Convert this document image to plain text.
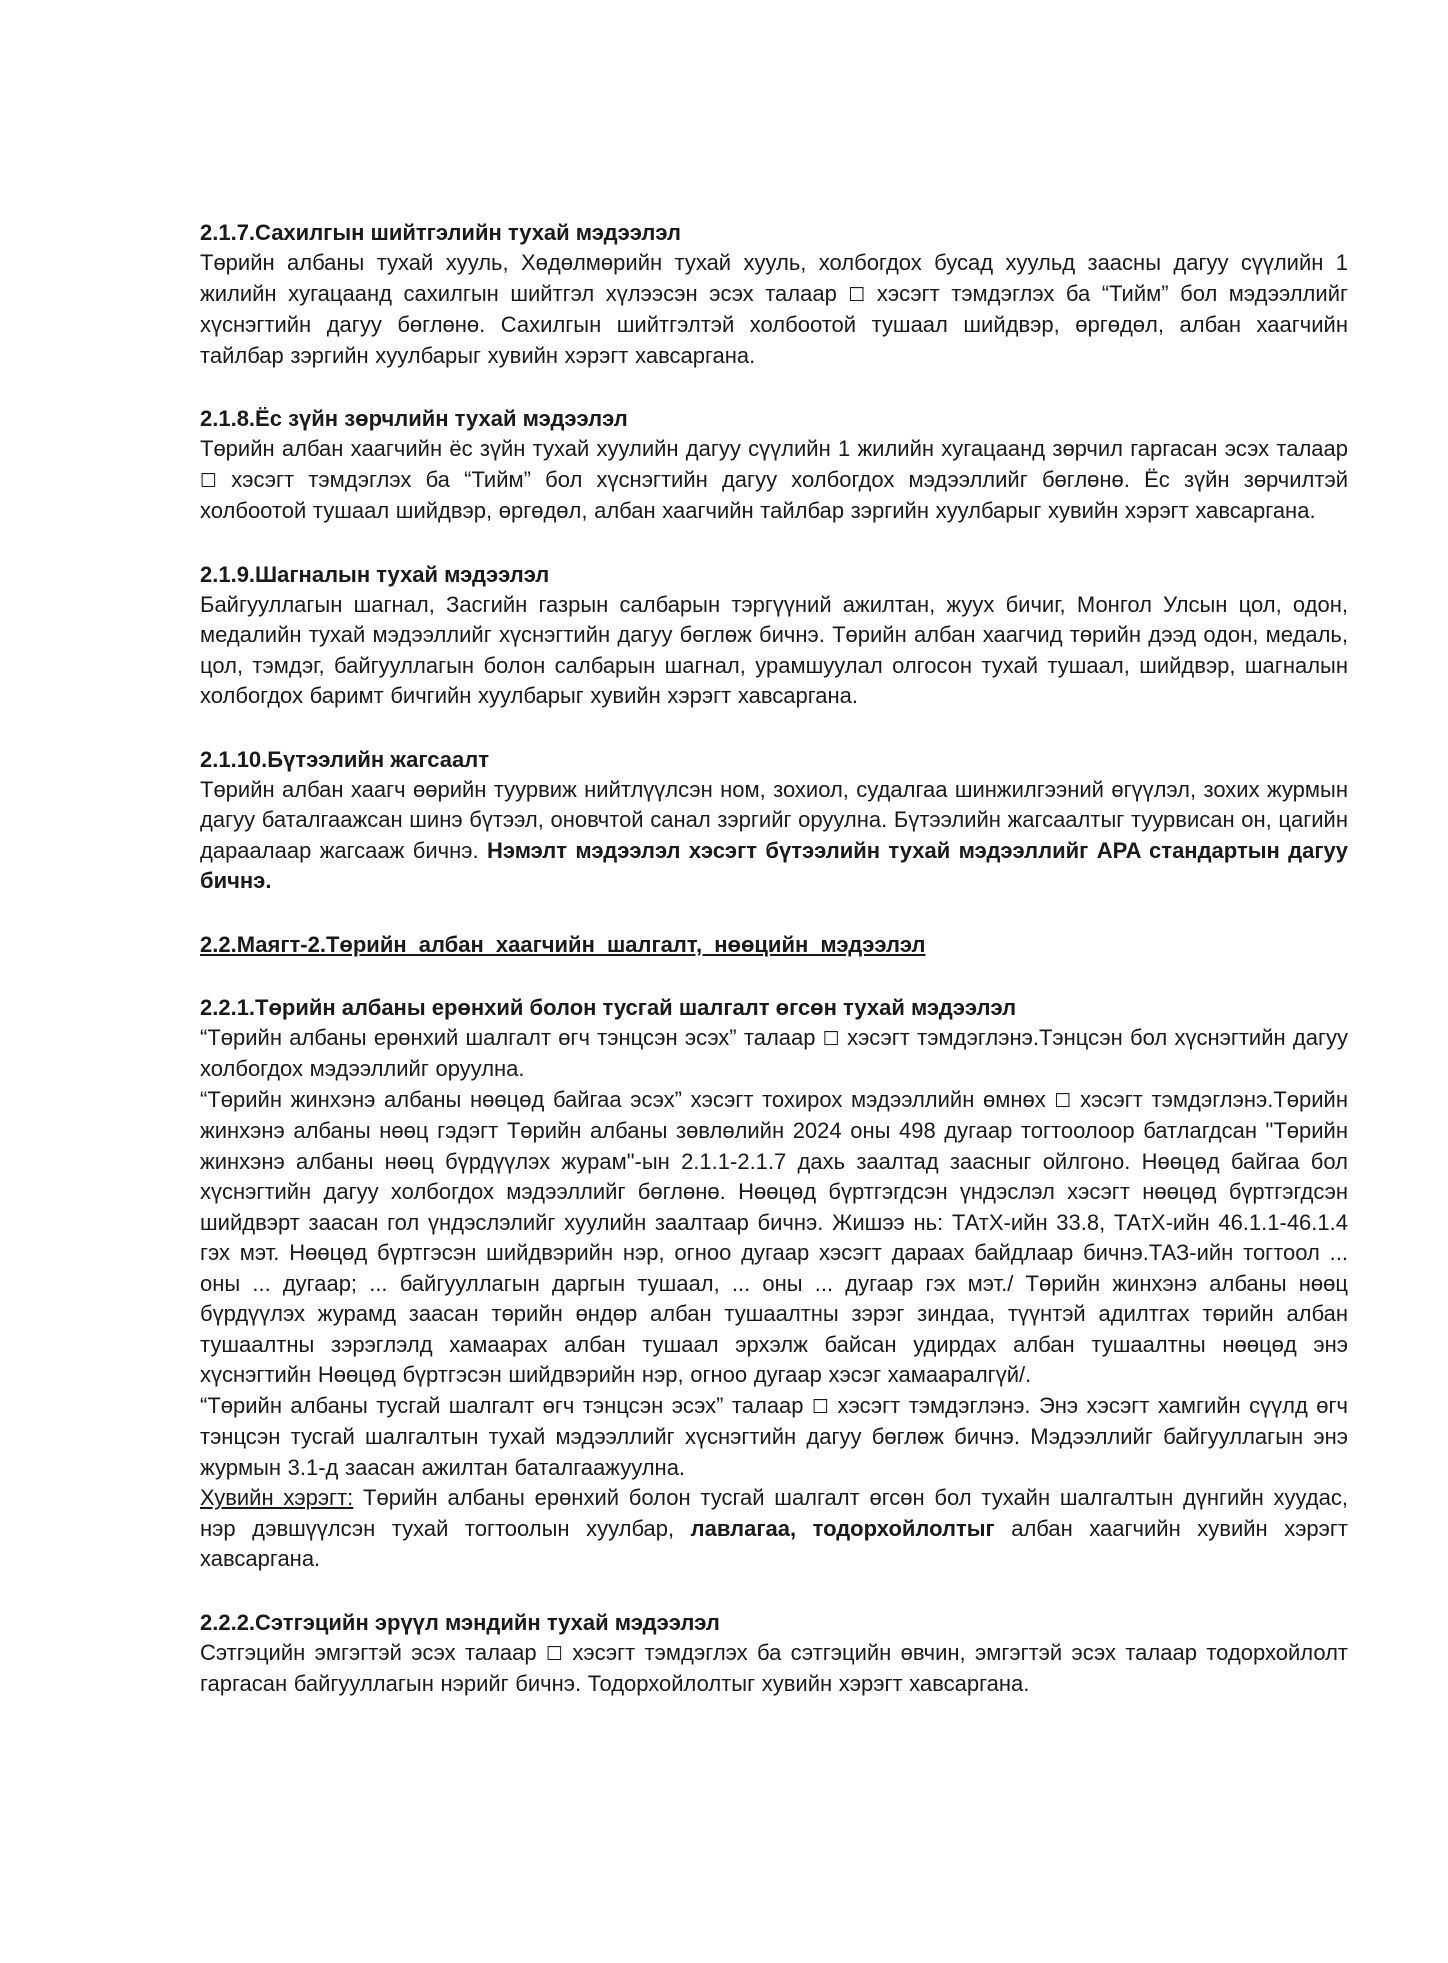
2.1.7.Сахилгын шийтгэлийн тухай мэдээлэл

Төрийн албаны тухай хууль, Хөдөлмөрийн тухай хууль, холбогдох бусад хуульд заасны дагуу сүүлийн 1 жилийн хугацаанд сахилгын шийтгэл хүлээсэн эсэх талаар ☐ хэсэгт тэмдэглэх ба “Тийм” бол мэдээллийг хүснэгтийн дагуу бөглөнө. Сахилгын шийтгэлтэй холбоотой тушаал шийдвэр, өргөдөл, албан хаагчийн тайлбар зэргийн хуулбарыг хувийн хэрэгт хавсаргана.

2.1.8.Ёс зүйн зөрчлийн тухай мэдээлэл

Төрийн албан хаагчийн ёс зүйн тухай хуулийн дагуу сүүлийн 1 жилийн хугацаанд зөрчил гаргасан эсэх талаар ☐ хэсэгт тэмдэглэх ба “Тийм” бол хүснэгтийн дагуу холбогдох мэдээллийг бөглөнө. Ёс зүйн зөрчилтэй холбоотой тушаал шийдвэр, өргөдөл, албан хаагчийн тайлбар зэргийн хуулбарыг хувийн хэрэгт хавсаргана.

2.1.9.Шагналын тухай мэдээлэл

Байгууллагын шагнал, Засгийн газрын салбарын тэргүүний ажилтан, жуух бичиг, Монгол Улсын цол, одон, медалийн тухай мэдээллийг хүснэгтийн дагуу бөглөж бичнэ. Төрийн албан хаагчид төрийн дээд одон, медаль, цол, тэмдэг, байгууллагын болон салбарын шагнал, урамшуулал олгосон тухай тушаал, шийдвэр, шагналын холбогдох баримт бичгийн хуулбарыг хувийн хэрэгт хавсаргана.

2.1.10.Бүтээлийн жагсаалт

Төрийн албан хаагч өөрийн туурвиж нийтлүүлсэн ном, зохиол, судалгаа шинжилгээний өгүүлэл, зохих журмын дагуу баталгаажсан шинэ бүтээл, оновчтой санал зэргийг оруулна. Бүтээлийн жагсаалтыг туурвисан он, цагийн дараалаар жагсааж бичнэ. Нэмэлт мэдээлэл хэсэгт бүтээлийн тухай мэдээллийг APA стандартын дагуу бичнэ.

2.2.Маягт-2.Төрийн албан хаагчийн шалгалт, нөөцийн мэдээлэл

2.2.1.Төрийн албаны ерөнхий болон тусгай шалгалт өгсөн тухай мэдээлэл

“Төрийн албаны ерөнхий шалгалт өгч тэнцсэн эсэх” талаар ☐ хэсэгт тэмдэглэнэ.Тэнцсэн бол хүснэгтийн дагуу холбогдох мэдээллийг оруулна.

“Төрийн жинхэнэ албаны нөөцөд байгаа эсэх” хэсэгт тохирох мэдээллийн өмнөх ☐ хэсэгт тэмдэглэнэ.Төрийн жинхэнэ албаны нөөц гэдэгт Төрийн албаны зөвлөлийн 2024 оны 498 дугаар тогтоолоор батлагдсан "Төрийн жинхэнэ албаны нөөц бүрдүүлэх журам"-ын 2.1.1-2.1.7 дахь заалтад заасныг ойлгоно. Нөөцөд байгаа бол хүснэгтийн дагуу холбогдох мэдээллийг бөглөнө. Нөөцөд бүртгэгдсэн үндэслэл хэсэгт нөөцөд бүртгэгдсэн шийдвэрт заасан гол үндэслэлийг хуулийн заалтаар бичнэ. Жишээ нь: ТАтХ-ийн 33.8, ТАтХ-ийн 46.1.1-46.1.4 гэх мэт. Нөөцөд бүртгэсэн шийдвэрийн нэр, огноо дугаар хэсэгт дараах байдлаар бичнэ.ТАЗ-ийн тогтоол ... оны ... дугаар; ... байгууллагын даргын тушаал, ... оны ... дугаар гэх мэт./ Төрийн жинхэнэ албаны нөөц бүрдүүлэх журамд заасан төрийн өндөр албан тушаалтны зэрэг зиндаа, түүнтэй адилтгах төрийн албан тушаалтны зэрэглэлд хамаарах албан тушаал эрхэлж байсан удирдах албан тушаалтны нөөцөд энэ хүснэгтийн Нөөцөд бүртгэсэн шийдвэрийн нэр, огноо дугаар хэсэг хамааралгүй/.

“Төрийн албаны тусгай шалгалт өгч тэнцсэн эсэх” талаар ☐ хэсэгт тэмдэглэнэ. Энэ хэсэгт хамгийн сүүлд өгч тэнцсэн тусгай шалгалтын тухай мэдээллийг хүснэгтийн дагуу бөглөж бичнэ. Мэдээллийг байгууллагын энэ журмын 3.1-д заасан ажилтан баталгаажуулна.

Хувийн хэрэгт: Төрийн албаны ерөнхий болон тусгай шалгалт өгсөн бол тухайн шалгалтын дүнгийн хуудас, нэр дэвшүүлсэн тухай тогтоолын хуулбар, лавлагаа, тодорхойлолтыг албан хаагчийн хувийн хэрэгт хавсаргана.

2.2.2.Сэтгэцийн эрүүл мэндийн тухай мэдээлэл

Сэтгэцийн эмгэгтэй эсэх талаар ☐ хэсэгт тэмдэглэх ба сэтгэцийн өвчин, эмгэгтэй эсэх талаар тодорхойлолт гаргасан байгууллагын нэрийг бичнэ. Тодорхойлолтыг хувийн хэрэгт хавсаргана.
